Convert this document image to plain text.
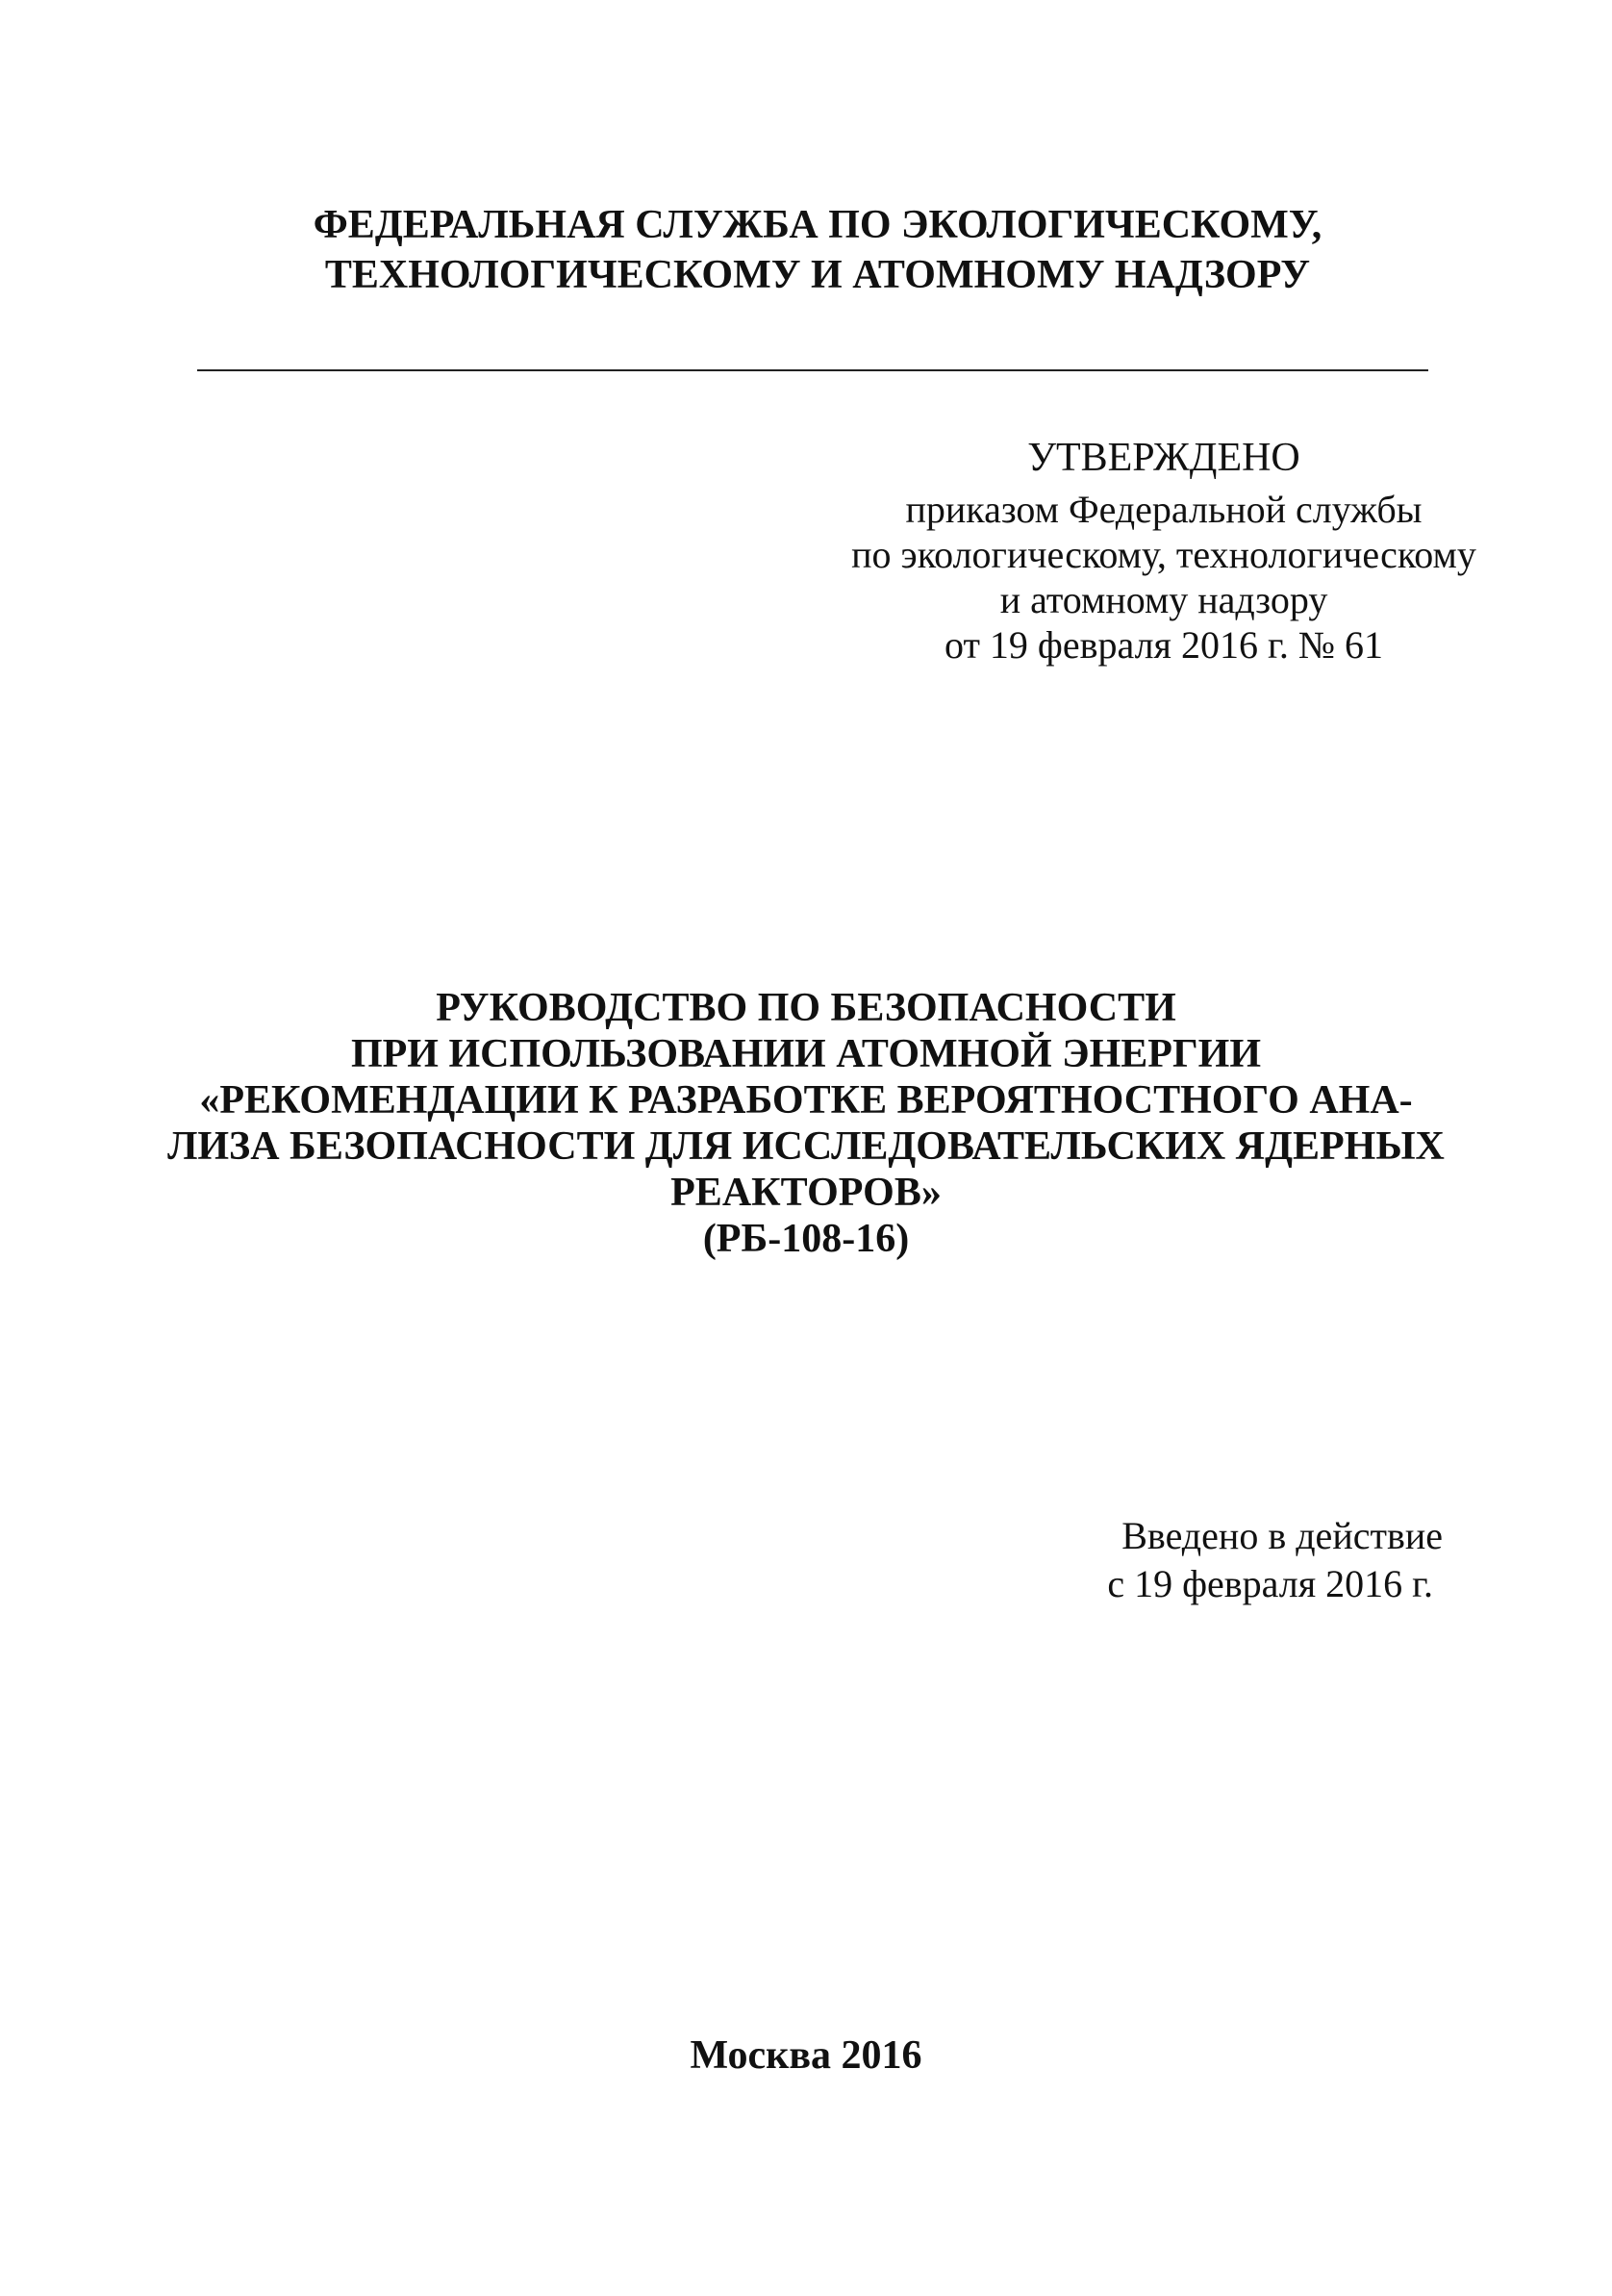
ФЕДЕРАЛЬНАЯ СЛУЖБА ПО ЭКОЛОГИЧЕСКОМУ,
ТЕХНОЛОГИЧЕСКОМУ И АТОМНОМУ НАДЗОРУ
УТВЕРЖДЕНО
приказом Федеральной службы
по экологическому, технологическому
и атомному надзору
от 19 февраля 2016 г. № 61
РУКОВОДСТВО ПО БЕЗОПАСНОСТИ
ПРИ ИСПОЛЬЗОВАНИИ АТОМНОЙ ЭНЕРГИИ
«РЕКОМЕНДАЦИИ К РАЗРАБОТКЕ ВЕРОЯТНОСТНОГО АНА-
ЛИЗА БЕЗОПАСНОСТИ ДЛЯ ИССЛЕДОВАТЕЛЬСКИХ ЯДЕРНЫХ
РЕАКТОРОВ»
(РБ-108-16)
Введено в действие
с 19 февраля 2016 г.
Москва 2016
